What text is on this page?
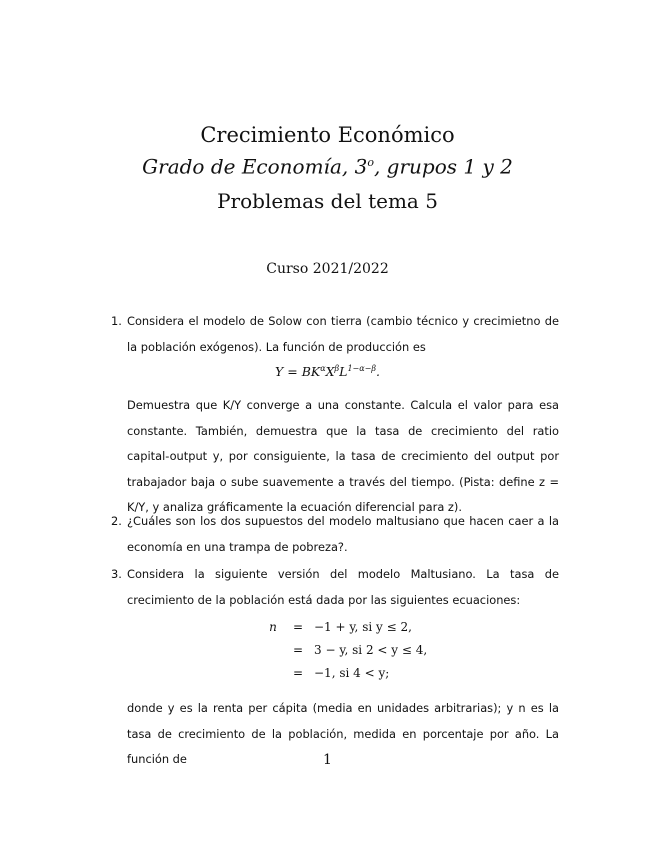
Crecimiento Económico
Grado de Economía, 3$^o$, grupos 1 y 2
Problemas del tema 5
Curso 2021/2022
1. Considera el modelo de Solow con tierra (cambio técnico y crecimietno de la población exógenos). La función de producción es

$Y = BK^\alpha X^\beta L^{1-\alpha-\beta}$.

Demuestra que K/Y converge a una constante. Calcula el valor para esa constante. También, demuestra que la tasa de crecimiento del ratio capital-output y, por consiguiente, la tasa de crecimiento del output por trabajador baja o sube suavemente a través del tiempo. (Pista: define z = K/Y, y analiza gráficamente la ecuación diferencial para z).

2. ¿Cuáles son los dos supuestos del modelo maltusiano que hacen caer a la economía en una trampa de pobreza?.

3. Considera la siguiente versión del modelo Maltusiano. La tasa de crecimiento de la población está dada por las siguientes ecuaciones:

n	= −1 + y, si y ≤ 2,
= 3 − y, si 2 < y ≤ 4,
= −1, si 4 < y;

donde y es la renta per cápita (media en unidades arbitrarias); y n es la tasa de crecimiento de la población, medida en porcentaje por año. La función de	1
